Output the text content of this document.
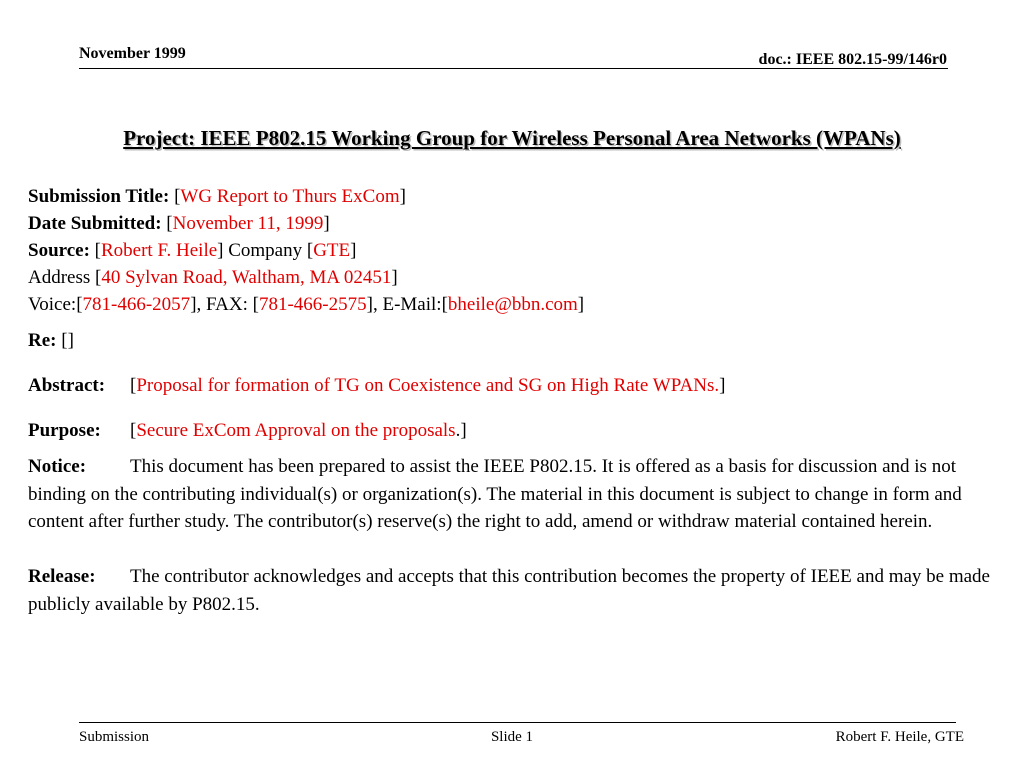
November 1999	doc.: IEEE 802.15-99/146r0
Project: IEEE P802.15 Working Group for Wireless Personal Area Networks (WPANs)
Submission Title: [WG Report to Thurs ExCom]
Date Submitted: [November 11, 1999]
Source: [Robert F. Heile] Company [GTE]
Address [40 Sylvan Road, Waltham, MA 02451]
Voice:[781-466-2057], FAX: [781-466-2575], E-Mail:[bheile@bbn.com]
Re: []
Abstract: [Proposal for formation of TG on Coexistence and SG on High Rate WPANs.]
Purpose: [Secure ExCom Approval on the proposals.]
Notice: This document has been prepared to assist the IEEE P802.15. It is offered as a basis for discussion and is not binding on the contributing individual(s) or organization(s). The material in this document is subject to change in form and content after further study. The contributor(s) reserve(s) the right to add, amend or withdraw material contained herein.
Release: The contributor acknowledges and accepts that this contribution becomes the property of IEEE and may be made publicly available by P802.15.
Submission	Slide 1	Robert F. Heile, GTE
